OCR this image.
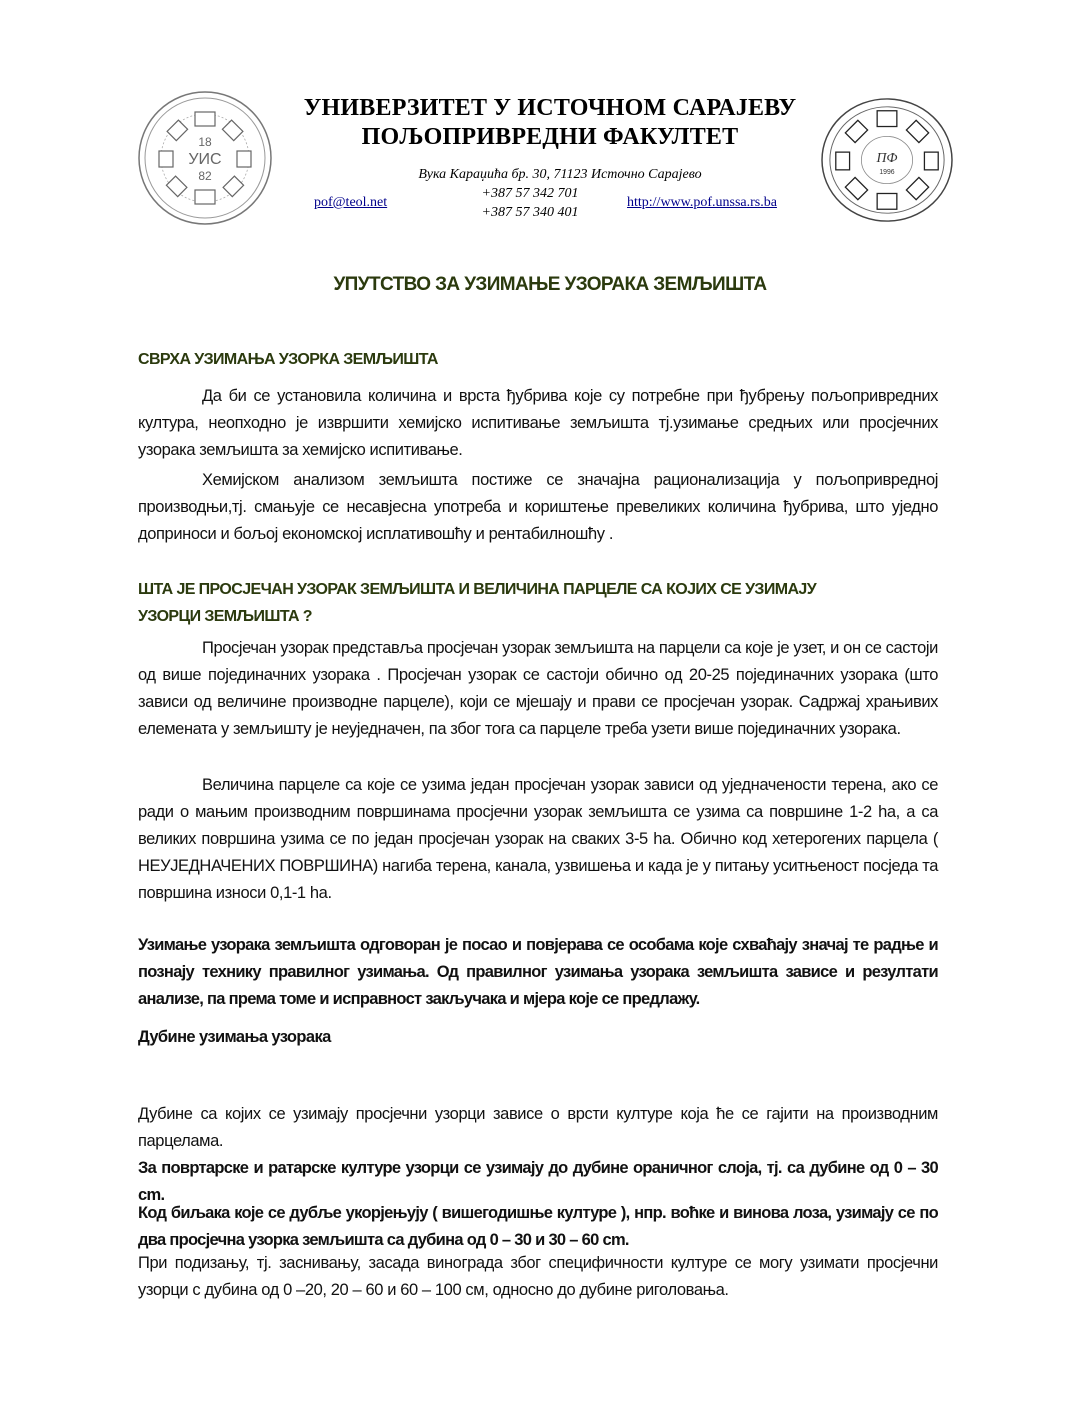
18
УИС
82
ПФ
1996
УНИВЕРЗИТЕТ У ИСТОЧНОМ САРАЈЕВУ
ПОЉОПРИВРЕДНИ ФАКУЛТЕТ
Вука Караџића бр. 30, 71123 Источно Сарајево
+387 57 342 701
+387 57 340 401
pof@teol.net	http://www.pof.unssa.rs.ba
УПУТСТВО ЗА УЗИМАЊЕ УЗОРАКА ЗЕМЉИШТА
СВРХА УЗИМАЊА УЗОРКА ЗЕМЉИШТА
Да би се установила количина и врста ђубрива које су потребне при ђубрењу пољопривредних култура, неопходно је извршити хемијско испитивање земљишта тј.узимање средњих или просјечних узорака земљишта за хемијско испитивање.
Хемијском анализом земљишта постиже се значајна рационализација у пољопривредној производњи,тј. смањује се несавјесна употреба и кориштење превеликих количина ђубрива, што уједно доприноси и бољој економској исплативошћу и рентабилношћу .
ШТА ЈЕ ПРОСЈЕЧАН УЗОРАК ЗЕМЉИШТА И ВЕЛИЧИНА ПАРЦЕЛЕ СА КОЈИХ СЕ УЗИМАЈУ
УЗОРЦИ ЗЕМЉИШТА ?
Просјечан узорак представља просјечан узорак земљишта на парцели са које је узет, и он се састоји од више појединачних узорака . Просјечан узорак се састоји обично од 20-25 појединачних узорака (што зависи од величине производне парцеле), који се мјешају и прави се просјечан узорак. Садржај храњивих елемената у земљишту је неуједначен, па због тога са парцеле треба узети више појединачних узорака.
Величина парцеле са које се узима један просјечан узорак зависи од уједначености терена, ако се ради о мањим производним површинама просјечни узорак земљишта се узима са површине 1-2 ha, а са великих површина узима се по један просјечан узорак на сваких 3-5 ha. Обично код хетерогених парцела ( НЕУЈЕДНАЧЕНИХ ПОВРШИНА) нагиба терена, канала, узвишења и када је у питању уситњеност посједа та површина износи 0,1-1 ha.
Узимање узорака земљишта одговоран је посао и повјерава се особама које схваћају значај те радње и познају технику правилног узимања. Од правилног узимања узорака земљишта зависе и резултати анализе, па према томе и исправност закључака и мјера које се предлажу.
Дубине узимања узорака
Дубине са којих се узимају просјечни узорци зависе о врсти културе која ће се гајити на производним парцелама.
За повртарске и ратарске културе узорци се узимају до дубине ораничног слоја, тј. са дубине од 0 – 30 cm.
Код биљака које се дубље укорјењују ( вишегодишње културе ), нпр. воћке и винова лоза, узимају се по два просјечна узорка земљишта са дубина од 0 – 30 и 30 – 60 cm.
При подизању, тј. заснивању, засада винограда због специфичности културе се могу узимати просјечни узорци с дубина од 0 –20, 20 – 60 и 60 – 100 см, односно до дубине риголовања.
